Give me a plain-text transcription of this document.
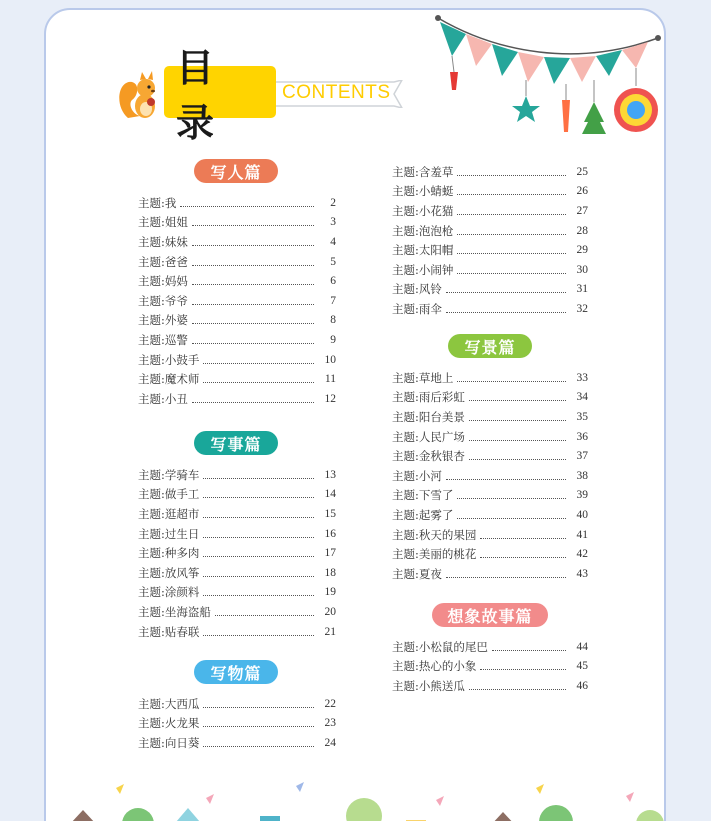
目 录
CONTENTS
写人篇
主题:我	2
主题:姐姐	3
主题:妹妹	4
主题:爸爸	5
主题:妈妈	6
主题:爷爷	7
主题:外婆	8
主题:巡警	9
主题:小鼓手	10
主题:魔术师	11
主题:小丑	12
写事篇
主题:学骑车	13
主题:做手工	14
主题:逛超市	15
主题:过生日	16
主题:种多肉	17
主题:放风筝	18
主题:涂颜料	19
主题:坐海盗船	20
主题:贴春联	21
写物篇
主题:大西瓜	22
主题:火龙果	23
主题:向日葵	24
主题:含羞草	25
主题:小蜻蜓	26
主题:小花猫	27
主题:泡泡枪	28
主题:太阳帽	29
主题:小闹钟	30
主题:风铃	31
主题:雨伞	32
写景篇
主题:草地上	33
主题:雨后彩虹	34
主题:阳台美景	35
主题:人民广场	36
主题:金秋银杏	37
主题:小河	38
主题:下雪了	39
主题:起雾了	40
主题:秋天的果园	41
主题:美丽的桃花	42
主题:夏夜	43
想象故事篇
主题:小松鼠的尾巴	44
主题:热心的小象	45
主题:小熊送瓜	46
